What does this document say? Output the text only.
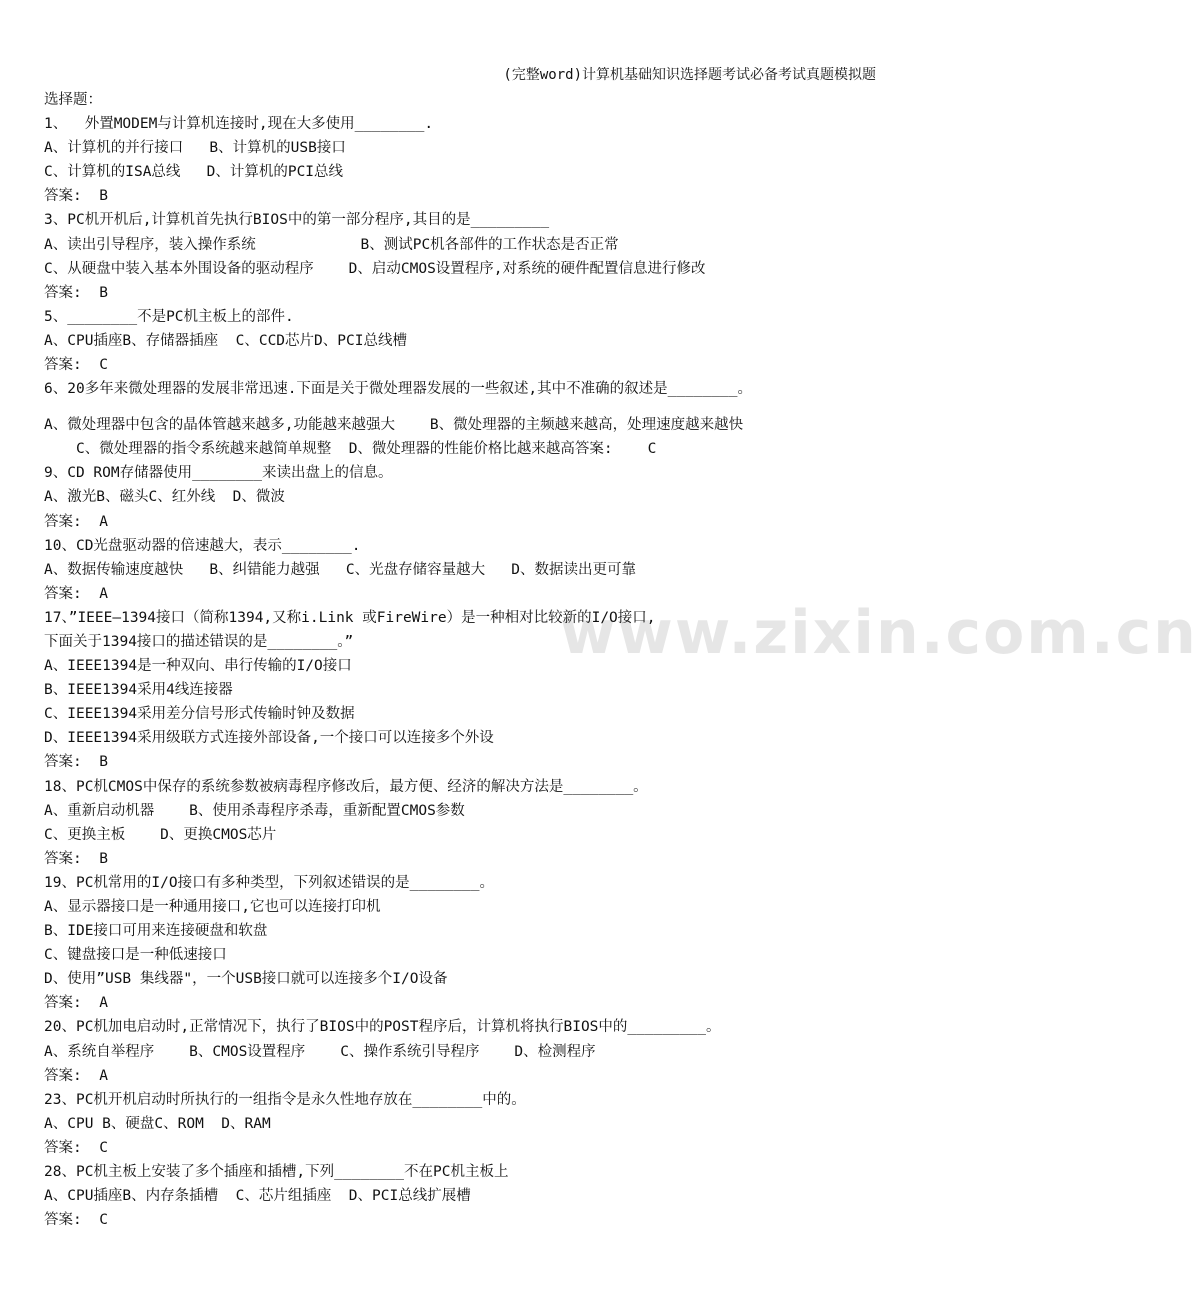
(完整word)计算机基础知识选择题考试必备考试真题模拟题
www.zixin.com.cn
选择题：
1、  外置MODEM与计算机连接时,现在大多使用________.
A、计算机的并行接口   B、计算机的USB接口
C、计算机的ISA总线   D、计算机的PCI总线
答案:  B
3、PC机开机后,计算机首先执行BIOS中的第一部分程序,其目的是_________
A、读出引导程序，装入操作系统            B、测试PC机各部件的工作状态是否正常
C、从硬盘中装入基本外围设备的驱动程序    D、启动CMOS设置程序,对系统的硬件配置信息进行修改
答案:  B
5、________不是PC机主板上的部件.
A、CPU插座B、存储器插座  C、CCD芯片D、PCI总线槽
答案:  C
6、20多年来微处理器的发展非常迅速.下面是关于微处理器发展的一些叙述,其中不准确的叙述是________。
A、微处理器中包含的晶体管越来越多,功能越来越强大    B、微处理器的主频越来越高，处理速度越来越快
C、微处理器的指令系统越来越简单规整  D、微处理器的性能价格比越来越高答案:    C
9、CD ROM存储器使用________来读出盘上的信息。
A、激光B、磁头C、红外线  D、微波
答案:  A
10、CD光盘驱动器的倍速越大，表示________.
A、数据传输速度越快   B、纠错能力越强   C、光盘存储容量越大   D、数据读出更可靠
答案:  A
17、”IEEE—1394接口（简称1394,又称i.Link 或FireWire）是一种相对比较新的I/O接口,
下面关于1394接口的描述错误的是________。”
A、IEEE1394是一种双向、串行传输的I/O接口
B、IEEE1394采用4线连接器
C、IEEE1394采用差分信号形式传输时钟及数据
D、IEEE1394采用级联方式连接外部设备,一个接口可以连接多个外设
答案:  B
18、PC机CMOS中保存的系统参数被病毒程序修改后，最方便、经济的解决方法是________。
A、重新启动机器    B、使用杀毒程序杀毒，重新配置CMOS参数
C、更换主板    D、更换CMOS芯片
答案:  B
19、PC机常用的I/O接口有多种类型，下列叙述错误的是________。
A、显示器接口是一种通用接口,它也可以连接打印机
B、IDE接口可用来连接硬盘和软盘
C、键盘接口是一种低速接口
D、使用”USB 集线器"，一个USB接口就可以连接多个I/O设备
答案:  A
20、PC机加电启动时,正常情况下，执行了BIOS中的POST程序后，计算机将执行BIOS中的_________。
A、系统自举程序    B、CMOS设置程序    C、操作系统引导程序    D、检测程序
答案:  A
23、PC机开机启动时所执行的一组指令是永久性地存放在________中的。
A、CPU B、硬盘C、ROM  D、RAM
答案:  C
28、PC机主板上安装了多个插座和插槽,下列________不在PC机主板上
A、CPU插座B、内存条插槽  C、芯片组插座  D、PCI总线扩展槽
答案:  C
